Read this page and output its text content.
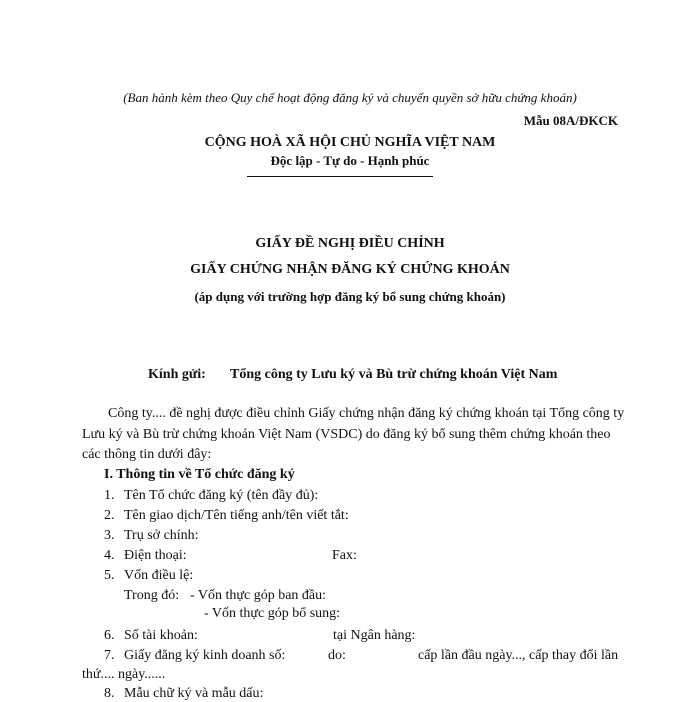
(Ban hành kèm theo Quy chế hoạt động đăng ký và chuyển quyền sở hữu chứng khoán)
Mẫu 08A/ĐKCK
CỘNG HOÀ XÃ HỘI CHỦ NGHĨA VIỆT NAM
Độc lập - Tự do - Hạnh phúc
GIẤY ĐỀ NGHỊ ĐIỀU CHỈNH
GIẤY CHỨNG NHẬN ĐĂNG KÝ CHỨNG KHOÁN
(áp dụng với trường hợp đăng ký bổ sung chứng khoán)
Kính gửi: Tổng công ty Lưu ký và Bù trừ chứng khoán Việt Nam
Công ty.... đề nghị được điều chỉnh Giấy chứng nhận đăng ký chứng khoán tại Tổng công ty
Lưu ký và Bù trừ chứng khoán Việt Nam (VSDC) do đăng ký bổ sung thêm chứng khoán theo
các thông tin dưới đây:
I. Thông tin về Tổ chức đăng ký
1. Tên Tổ chức đăng ký (tên đầy đủ):
2. Tên giao dịch/Tên tiếng anh/tên viết tắt:
3. Trụ sở chính:
4. Điện thoại:	Fax:
5. Vốn điều lệ:
Trong đó: - Vốn thực góp ban đầu:
- Vốn thực góp bổ sung:
6. Số tài khoản:	tại Ngân hàng:
7. Giấy đăng ký kinh doanh số:	do:	cấp lần đầu ngày..., cấp thay đổi lần
thứ.... ngày......
8. Mẫu chữ ký và mẫu dấu:
